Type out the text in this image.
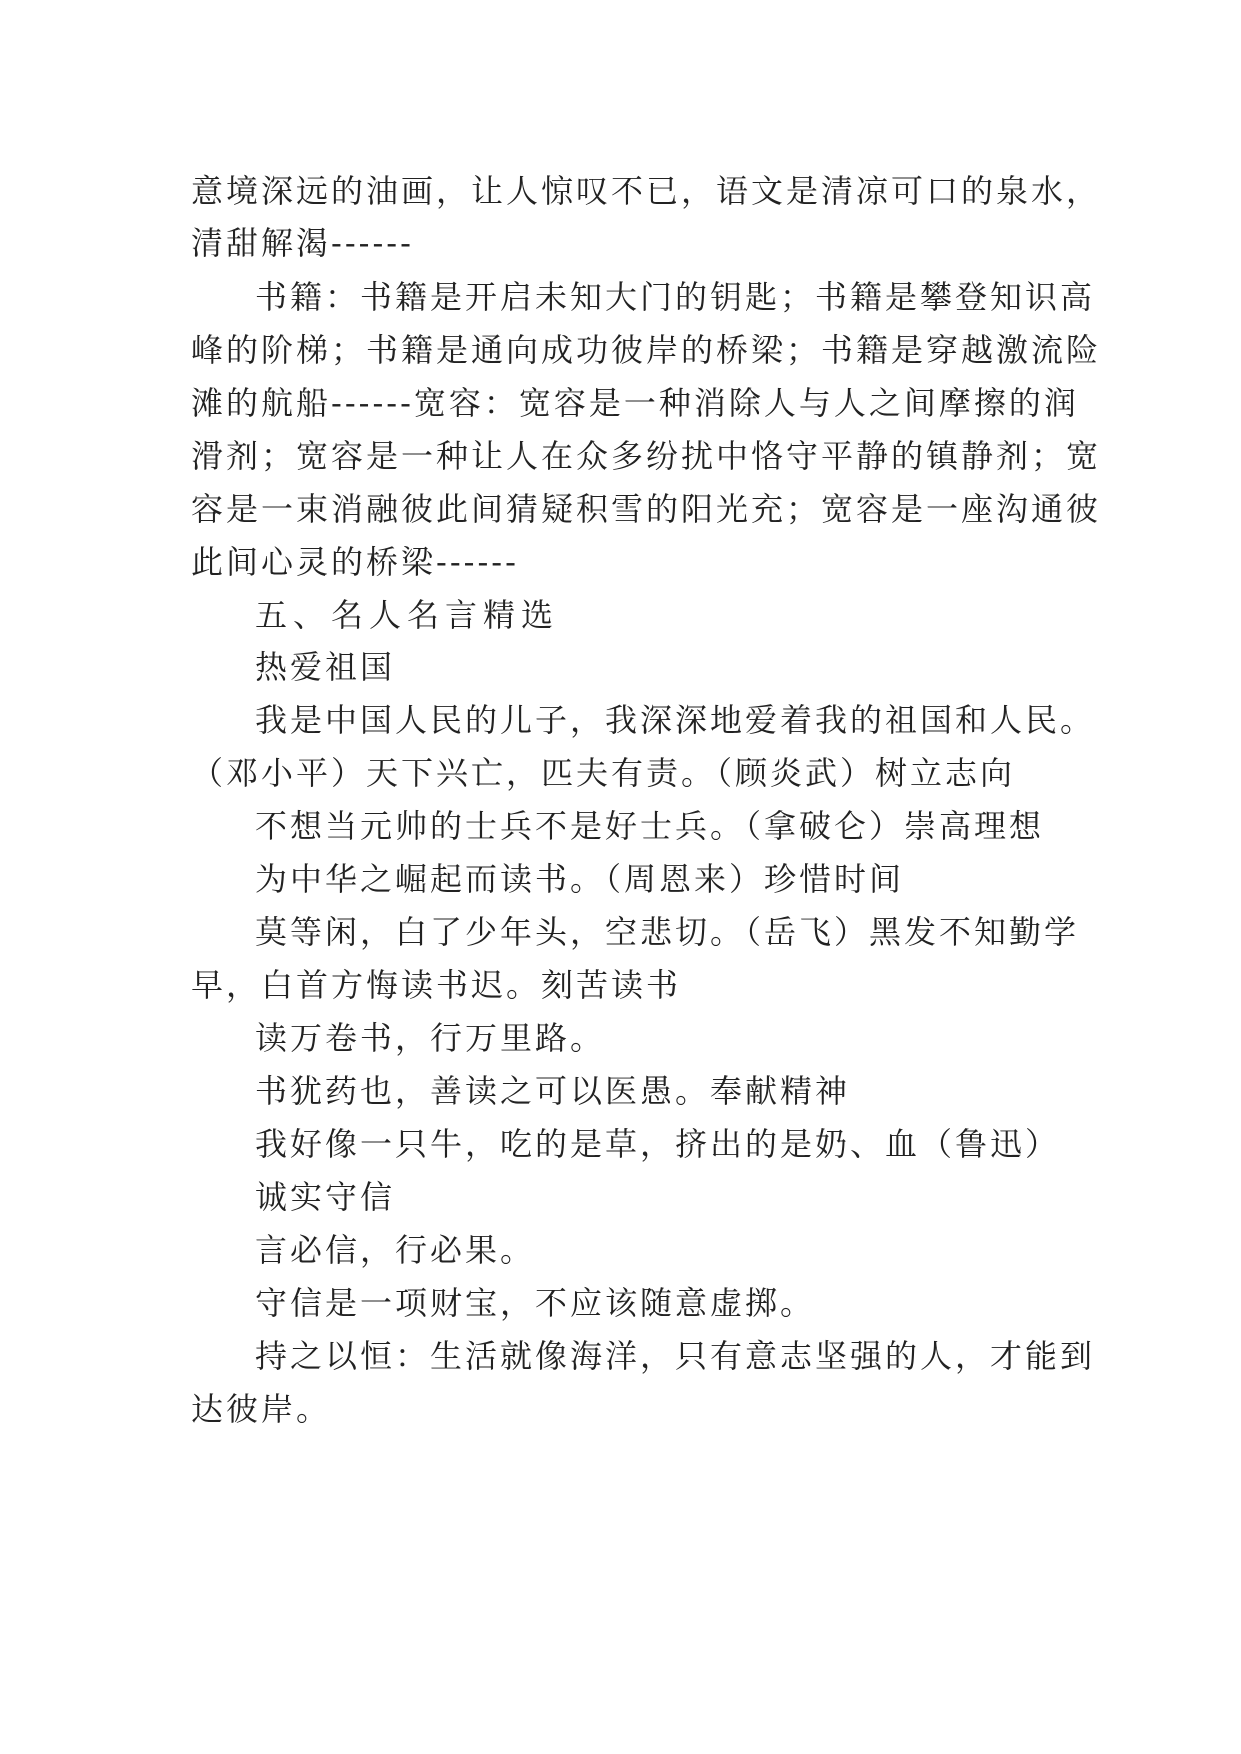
意境深远的油画，让人惊叹不已，语文是清凉可口的泉水，
清甜解渴------
书籍：书籍是开启未知大门的钥匙；书籍是攀登知识高
峰的阶梯；书籍是通向成功彼岸的桥梁；书籍是穿越激流险
滩的航船------宽容：宽容是一种消除人与人之间摩擦的润
滑剂；宽容是一种让人在众多纷扰中恪守平静的镇静剂；宽
容是一束消融彼此间猜疑积雪的阳光充；宽容是一座沟通彼
此间心灵的桥梁------
五、名人名言精选
热爱祖国
我是中国人民的儿子，我深深地爱着我的祖国和人民。
（邓小平）天下兴亡，匹夫有责。（顾炎武）树立志向
不想当元帅的士兵不是好士兵。（拿破仑）崇高理想
为中华之崛起而读书。（周恩来）珍惜时间
莫等闲，白了少年头，空悲切。（岳飞）黑发不知勤学
早，白首方悔读书迟。刻苦读书
读万卷书，行万里路。
书犹药也，善读之可以医愚。奉献精神
我好像一只牛，吃的是草，挤出的是奶、血（鲁迅）
诚实守信
言必信，行必果。
守信是一项财宝，不应该随意虚掷。
持之以恒：生活就像海洋，只有意志坚强的人，才能到
达彼岸。
